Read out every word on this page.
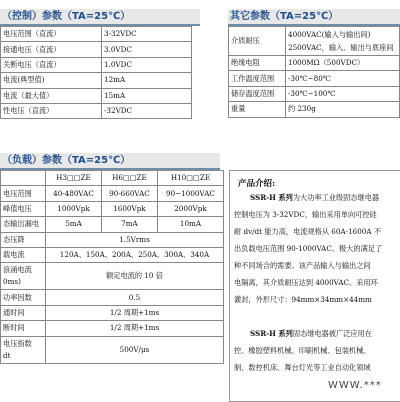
（控制）参数（TA=25℃）
电压范围（直流）	3-32VDC
接通电压（直流）	3.0VDC
关断电压（直流）	1.0VDC
电流(典型值)	12mA
电流（最大值）	15mA
性电压（直流）	-32VDC
其它参数（TA=25℃）
介质耐压	4000VAC(输入与输出间)
2500VAC，输入、输出与底座间

绝缘电阻	1000MΩ（500VDC）
工作温度范围	-30℃~80℃
储存温度范围	-30℃~100℃
重量	约 230g
（负载）参数（TA=25℃）
	H3□□ZE	H6□□ZE	H10□□ZE
电压范围	40-480VAC	90-660VAC	90~1000VAC
峰值电压	1000Vpk	1600Vpk	2000Vpk
态输出漏电	5mA	7mA	10mA
态压降	1.5Vrms		
载电流	120A、150A、200A、250A、300A、340A		

浪涌电流
0ms)	额定电流的 10 倍		
功率因数	0.5		
通时间	1/2 周期+1ms		
断时间	1/2 周期+1ms		

电压指数
dt	500V/μs		
产品介绍:
SSR-H 系列为大功率工业级固态继电器
控制电压为 3-32VDC，输出采用单向可控硅
耐 dv/dt 能力高，电流规格从 60A-1600A 不
出负载电压范围 90-1000VAC。极大的满足了
种不同场合的需要。该产品输入与输出之间
电隔离，其介质耐压达到 4000VAC。采用环
灌封，外形尺寸：94mm×34mm×44mm
SSR-H 系列固态继电器被广泛应用在
控、橡胶塑料机械、印刷机械、包装机械、
制、数控机床、舞台灯光等工业自动化领域
WWW.***
